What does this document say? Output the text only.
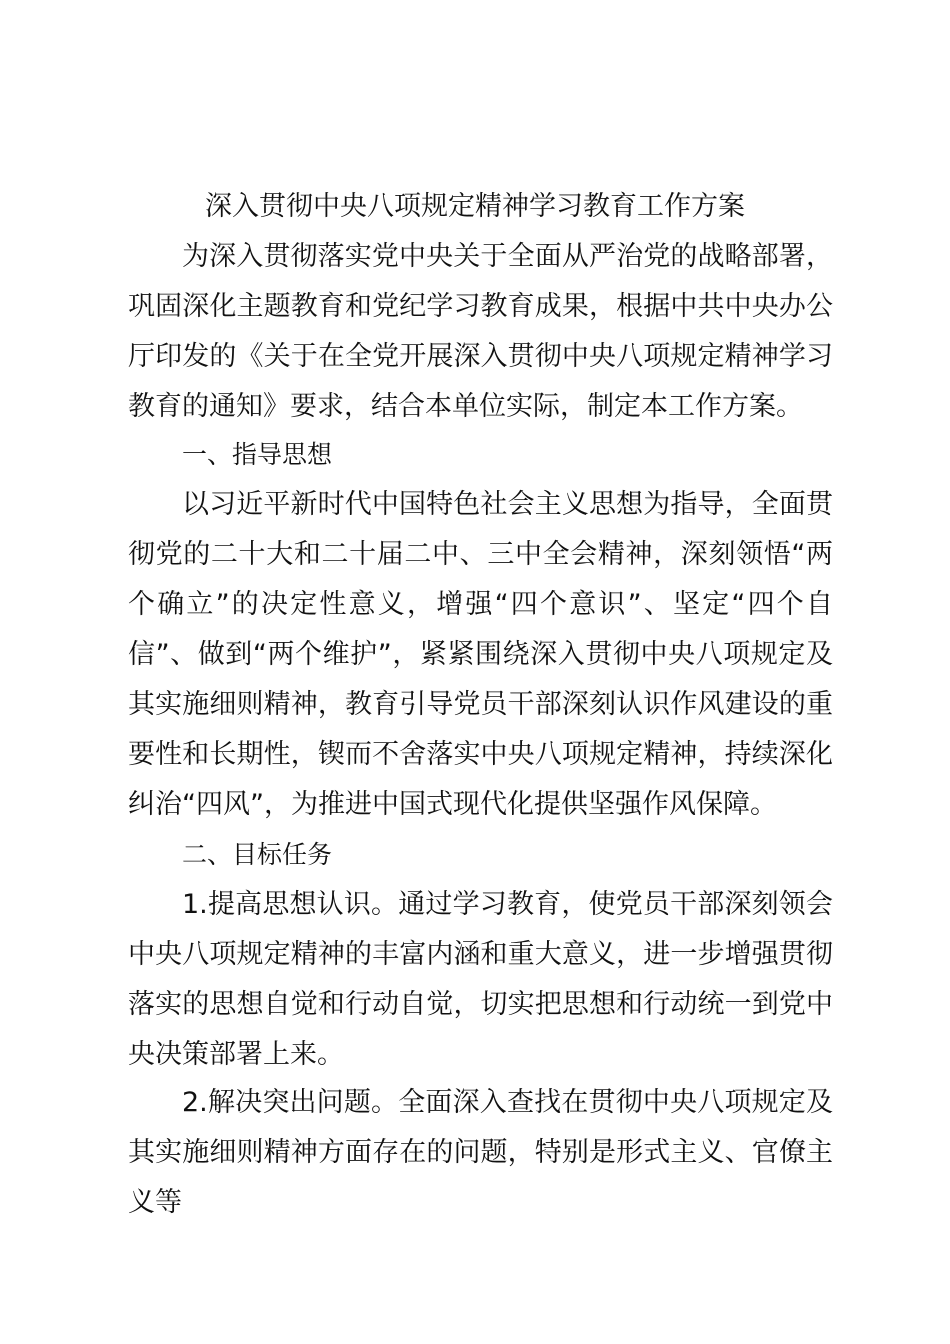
深入贯彻中央八项规定精神学习教育工作方案
为深入贯彻落实党中央关于全面从严治党的战略部署，巩固深化主题教育和党纪学习教育成果，根据中共中央办公厅印发的《关于在全党开展深入贯彻中央八项规定精神学习教育的通知》要求，结合本单位实际，制定本工作方案。
一、指导思想
以习近平新时代中国特色社会主义思想为指导，全面贯彻党的二十大和二十届二中、三中全会精神，深刻领悟“两个确立”的决定性意义，增强“四个意识”、坚定“四个自信”、做到“两个维护”，紧紧围绕深入贯彻中央八项规定及其实施细则精神，教育引导党员干部深刻认识作风建设的重要性和长期性，锲而不舍落实中央八项规定精神，持续深化纠治“四风”，为推进中国式现代化提供坚强作风保障。
二、目标任务
1.提高思想认识。通过学习教育，使党员干部深刻领会中央八项规定精神的丰富内涵和重大意义，进一步增强贯彻落实的思想自觉和行动自觉，切实把思想和行动统一到党中央决策部署上来。
2.解决突出问题。全面深入查找在贯彻中央八项规定及其实施细则精神方面存在的问题，特别是形式主义、官僚主义等
